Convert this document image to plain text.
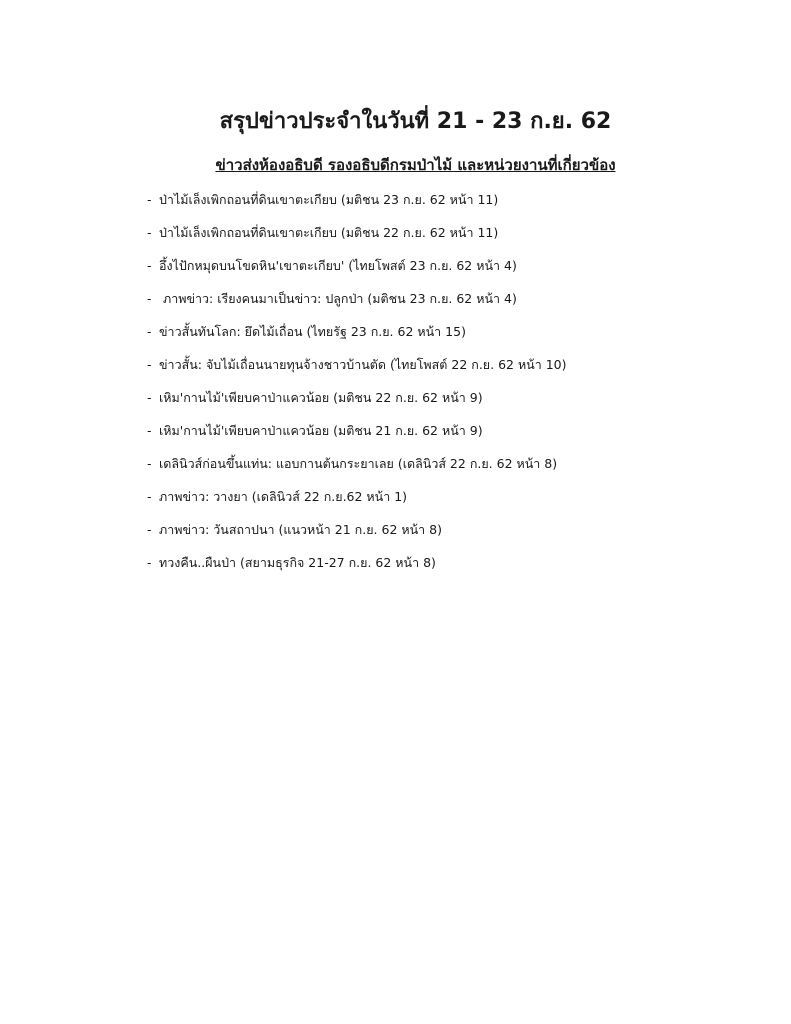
สรุปข่าวประจำในวันที่ 21 - 23 ก.ย. 62
ข่าวส่งห้องอธิบดี รองอธิบดีกรมป่าไม้ และหน่วยงานที่เกี่ยวข้อง
- ป่าไม้เล็งเพิกถอนที่ดินเขาตะเกียบ (มติชน 23 ก.ย. 62 หน้า 11)
- ป่าไม้เล็งเพิกถอนที่ดินเขาตะเกียบ (มติชน 22 ก.ย. 62 หน้า 11)
- อึ้งไปักหมุดบนโขดหิน'เขาตะเกียบ' (ไทยโพสต์ 23 ก.ย. 62 หน้า 4)
- ภาพข่าว: เรียงคนมาเป็นข่าว: ปลูกป่า (มติชน 23 ก.ย. 62 หน้า 4)
- ข่าวสั้นทันโลก: ยึดไม้เถื่อน (ไทยรัฐ 23 ก.ย. 62 หน้า 15)
- ข่าวสั้น: จับไม้เถื่อนนายทุนจ้างชาวบ้านตัด (ไทยโพสต์ 22 ก.ย. 62 หน้า 10)
- เหิม'กานไม้'เพียบคาป่าแควน้อย (มติชน 22 ก.ย. 62 หน้า 9)
- เหิม'กานไม้'เพียบคาป่าแควน้อย (มติชน 21 ก.ย. 62 หน้า 9)
- เดลินิวส์ก่อนขึ้นแท่น: แอบกานต้นกระยาเลย (เดลินิวส์ 22 ก.ย. 62 หน้า 8)
- ภาพข่าว: วางยา (เดลินิวส์ 22 ก.ย.62 หน้า 1)
- ภาพข่าว: วันสถาปนา (แนวหน้า 21 ก.ย. 62 หน้า 8)
- ทวงคืน..ผืนป่า (สยามธุรกิจ 21-27 ก.ย. 62 หน้า 8)
